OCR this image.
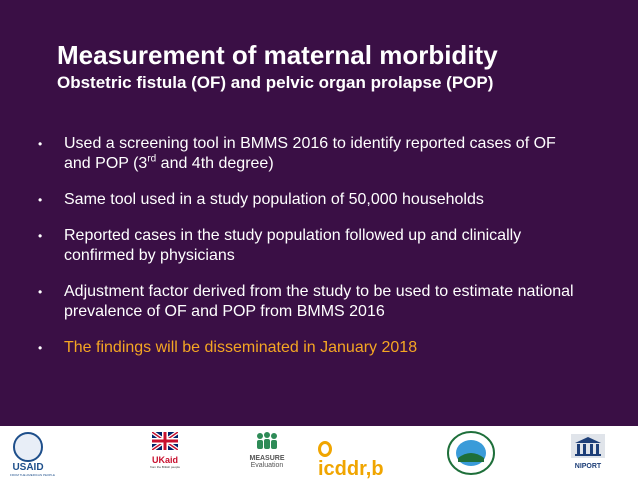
Measurement of maternal morbidity
Obstetric fistula (OF) and pelvic organ prolapse (POP)
• Used a screening tool in BMMS 2016 to identify reported cases of OF and POP (3rd and 4th degree)
• Same tool used in a study population of 50,000 households
• Reported cases in the study population followed up and clinically confirmed by physicians
• Adjustment factor derived from the study to be used to estimate national prevalence of OF and POP from BMMS 2016
• The findings will be disseminated in January 2018
USAID
FROM THE AMERICAN PEOPLE
UKaid
from the British people
MEASURE
Evaluation icddr,b	NIPORT
